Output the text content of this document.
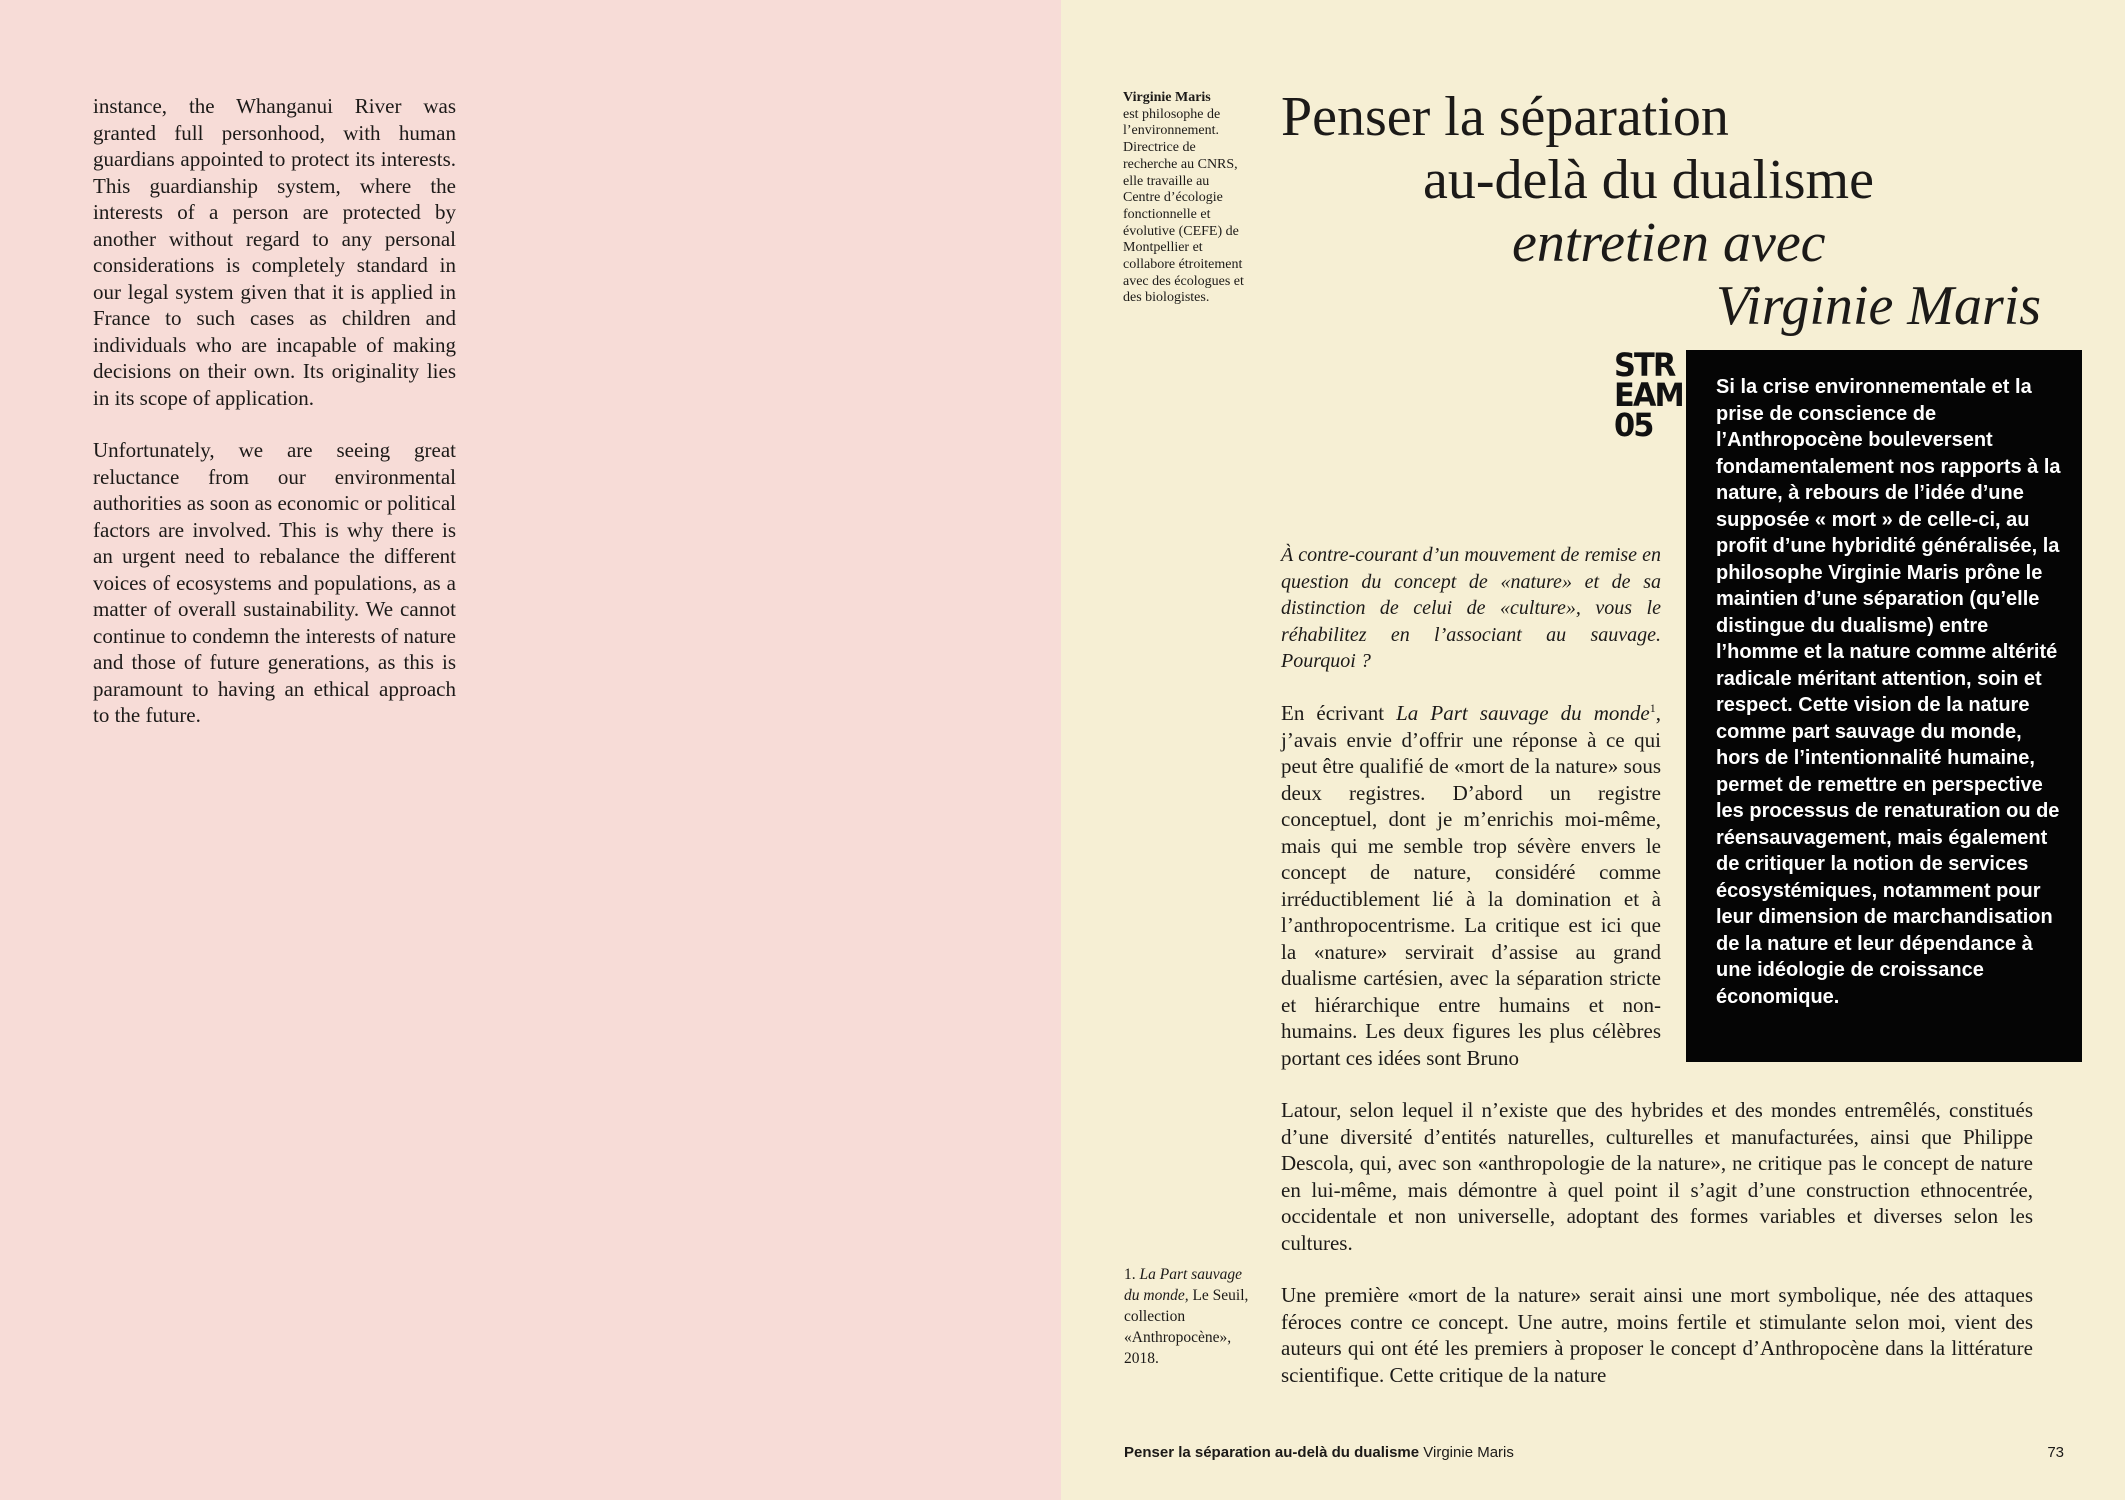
instance, the Whanganui River was granted full personhood, with human guardians appointed to protect its interests. This guardianship system, where the interests of a person are protected by another without regard to any personal considerations is completely standard in our legal system given that it is applied in France to such cases as children and individuals who are incapable of making decisions on their own. Its originality lies in its scope of application.

Unfortunately, we are seeing great reluctance from our environmental authorities as soon as economic or political factors are involved. This is why there is an urgent need to rebalance the different voices of ecosystems and populations, as a matter of overall sustainability. We cannot continue to condemn the interests of nature and those of future generations, as this is paramount to having an ethical approach to the future.

Virginie Maris
est philosophe de l’environnement. Directrice de recherche au CNRS, elle travaille au Centre d’écologie fonctionnelle et évolutive (CEFE) de Montpellier et collabore étroitement avec des écologues et des biologistes.
Penser la séparation
au-delà du dualisme
entretien avec
Virginie Maris
STR
EAM
05

Si la crise environnementale et la prise de conscience de l’Anthropocène bouleversent fondamentalement nos rapports à la nature, à rebours de l’idée d’une supposée « mort » de celle-ci, au profit d’une hybridité généralisée, la philosophe Virginie Maris prône le maintien d’une séparation (qu’elle distingue du dualisme) entre l’homme et la nature comme altérité radicale méritant attention, soin et respect. Cette vision de la nature comme part sauvage du monde, hors de l’intentionnalité humaine, permet de remettre en perspective les processus de renaturation ou de réensauvagement, mais également de critiquer la notion de services écosystémiques, notamment pour leur dimension de marchandisation de la nature et leur dépendance à une idéologie de croissance économique.

À contre-courant d’un mouvement de remise en question du concept de «nature» et de sa distinction de celui de «culture», vous le réhabilitez en l’associant au sauvage. Pourquoi ?

En écrivant La Part sauvage du monde$^1$, j’avais envie d’offrir une réponse à ce qui peut être qualifié de «mort de la nature» sous deux registres. D’abord un registre conceptuel, dont je m’enrichis moi-même, mais qui me semble trop sévère envers le concept de nature, considéré comme irréductiblement lié à la domination et à l’anthropocentrisme. La critique est ici que la «nature» servirait d’assise au grand dualisme cartésien, avec la séparation stricte et hiérarchique entre humains et non-humains. Les deux figures les plus célèbres portant ces idées sont Bruno

Latour, selon lequel il n’existe que des hybrides et des mondes entremêlés, constitués d’une diversité d’entités naturelles, culturelles et manufacturées, ainsi que Philippe Descola, qui, avec son «anthropologie de la nature», ne critique pas le concept de nature en lui-même, mais démontre à quel point il s’agit d’une construction ethnocentrée, occidentale et non universelle, adoptant des formes variables et diverses selon les cultures.

Une première «mort de la nature» serait ainsi une mort symbolique, née des attaques féroces contre ce concept. Une autre, moins fertile et stimulante selon moi, vient des auteurs qui ont été les premiers à proposer le concept d’Anthropocène dans la littérature scientifique. Cette critique de la nature

1. La Part sauvage du monde, Le Seuil, collection «Anthropocène», 2018.

Penser la séparation au-delà du dualisme Virginie Maris	73
